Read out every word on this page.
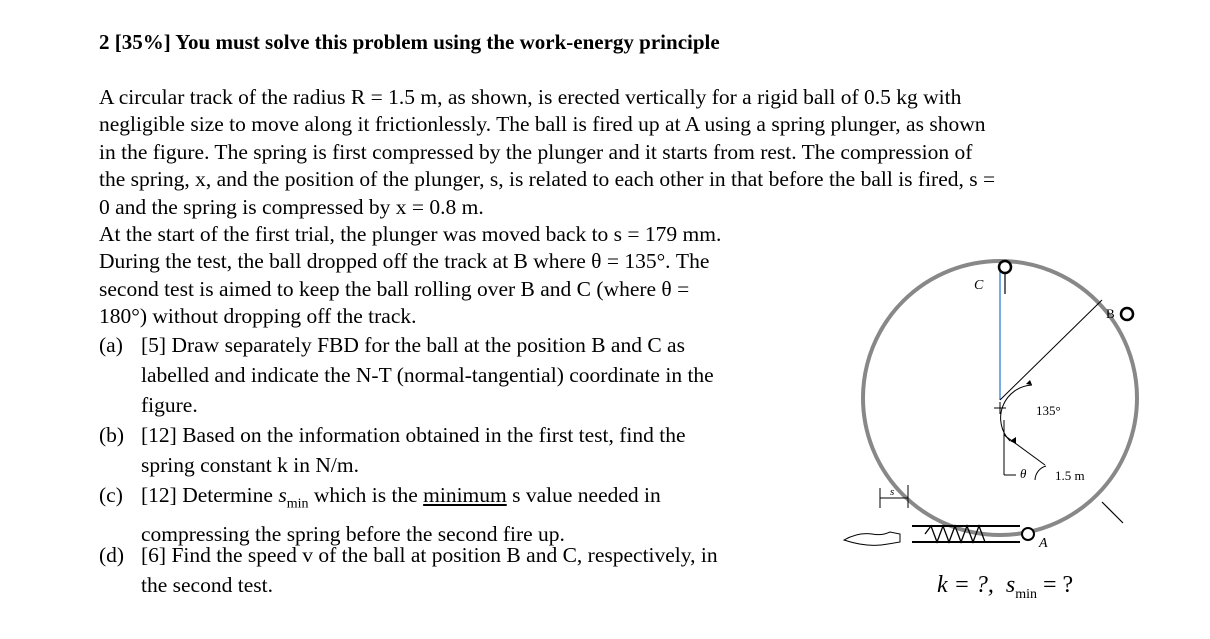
2 [35%] You must solve this problem using the work-energy principle
A circular track of the radius R = 1.5 m, as shown, is erected vertically for a rigid ball of 0.5 kg with
negligible size to move along it frictionlessly. The ball is fired up at A using a spring plunger, as shown
in the figure. The spring is first compressed by the plunger and it starts from rest. The compression of
the spring, x, and the position of the plunger, s, is related to each other in that before the ball is fired, s =
0 and the spring is compressed by x = 0.8 m.
At the start of the first trial, the plunger was moved back to s = 179 mm.
During the test, the ball dropped off the track at B where θ = 135°. The
second test is aimed to keep the ball rolling over B and C (where θ =
180°) without dropping off the track.
(a) [5] Draw separately FBD for the ball at the position B and C as
labelled and indicate the N-T (normal-tangential) coordinate in the
figure.
(b) [12] Based on the information obtained in the first test, find the
spring constant k in N/m.
(c) [12] Determine $s_{min}$ which is the minimum s value needed in
compressing the spring before the second fire up.
(d) [6] Find the speed v of the ball at position B and C, respectively, in
the second test.
C
B
135°
θ 1.5 m
s
A
k = ?, $s_{min}$ = ?
